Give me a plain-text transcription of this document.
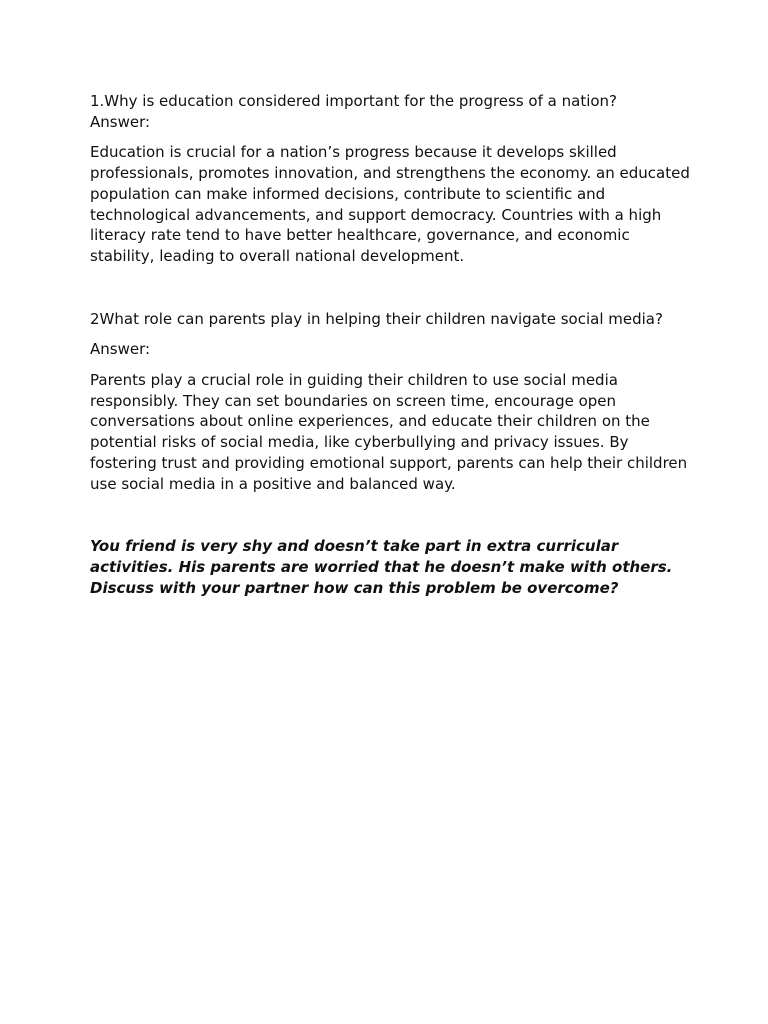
1.Why is education considered important for the progress of a nation?

Answer:

Education is crucial for a nation’s progress because it develops skilled professionals, promotes innovation, and strengthens the economy. an educated population can make informed decisions, contribute to scientific and technological advancements, and support democracy. Countries with a high literacy rate tend to have better healthcare, governance, and economic stability, leading to overall national development.

2What role can parents play in helping their children navigate social media?

Answer:

Parents play a crucial role in guiding their children to use social media responsibly. They can set boundaries on screen time, encourage open conversations about online experiences, and educate their children on the potential risks of social media, like cyberbullying and privacy issues. By fostering trust and providing emotional support, parents can help their children use social media in a positive and balanced way.

You friend is very shy and doesn’t take part in extra curricular activities. His parents are worried that he doesn’t make with others. Discuss with your partner how can this problem be overcome?
